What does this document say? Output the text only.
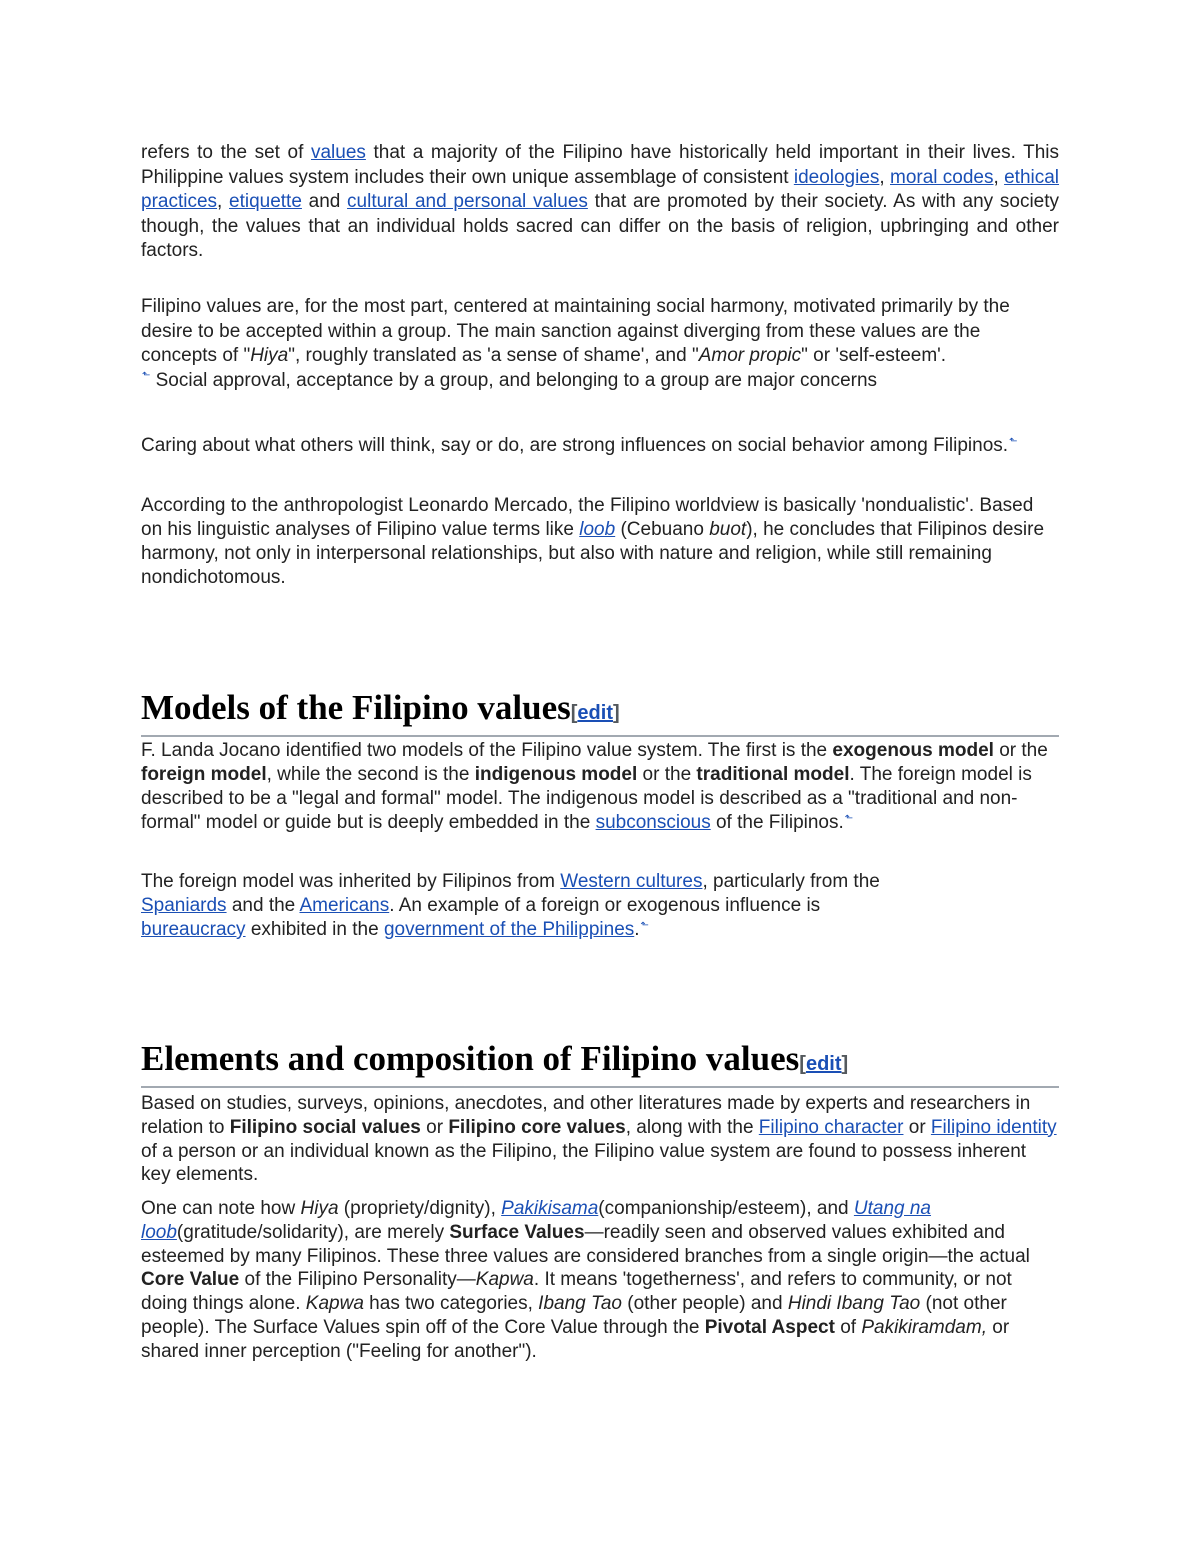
refers to the set of values that a majority of the Filipino have historically held important in their lives. This Philippine values system includes their own unique assemblage of consistent ideologies, moral codes, ethical practices, etiquette and cultural and personal values that are promoted by their society. As with any society though, the values that an individual holds sacred can differ on the basis of religion, upbringing and other factors.

Filipino values are, for the most part, centered at maintaining social harmony, motivated primarily by the desire to be accepted within a group. The main sanction against diverging from these values are the concepts of "Hiya", roughly translated as 'a sense of shame', and "Amor propic" or 'self-esteem'.
⬑ Social approval, acceptance by a group, and belonging to a group are major concerns

Caring about what others will think, say or do, are strong influences on social behavior among Filipinos.⬑

According to the anthropologist Leonardo Mercado, the Filipino worldview is basically 'nondualistic'. Based on his linguistic analyses of Filipino value terms like loob (Cebuano buot), he concludes that Filipinos desire harmony, not only in interpersonal relationships, but also with nature and religion, while still remaining nondichotomous.

Models of the Filipino values[edit]

F. Landa Jocano identified two models of the Filipino value system. The first is the exogenous model or the foreign model, while the second is the indigenous model or the traditional model. The foreign model is described to be a "legal and formal" model. The indigenous model is described as a "traditional and non-formal" model or guide but is deeply embedded in the subconscious of the Filipinos.⬑

The foreign model was inherited by Filipinos from Western cultures, particularly from the Spaniards and the Americans. An example of a foreign or exogenous influence is bureaucracy exhibited in the government of the Philippines.⬑

Elements and composition of Filipino values[edit]

Based on studies, surveys, opinions, anecdotes, and other literatures made by experts and researchers in relation to Filipino social values or Filipino core values, along with the Filipino character or Filipino identity of a person or an individual known as the Filipino, the Filipino value system are found to possess inherent key elements.

One can note how Hiya (propriety/dignity), Pakikisama(companionship/esteem), and Utang na loob(gratitude/solidarity), are merely Surface Values—readily seen and observed values exhibited and esteemed by many Filipinos. These three values are considered branches from a single origin—the actual Core Value of the Filipino Personality—Kapwa. It means 'togetherness', and refers to community, or not doing things alone. Kapwa has two categories, Ibang Tao (other people) and Hindi Ibang Tao (not other people). The Surface Values spin off of the Core Value through the Pivotal Aspect of Pakikiramdam, or shared inner perception ("Feeling for another").
